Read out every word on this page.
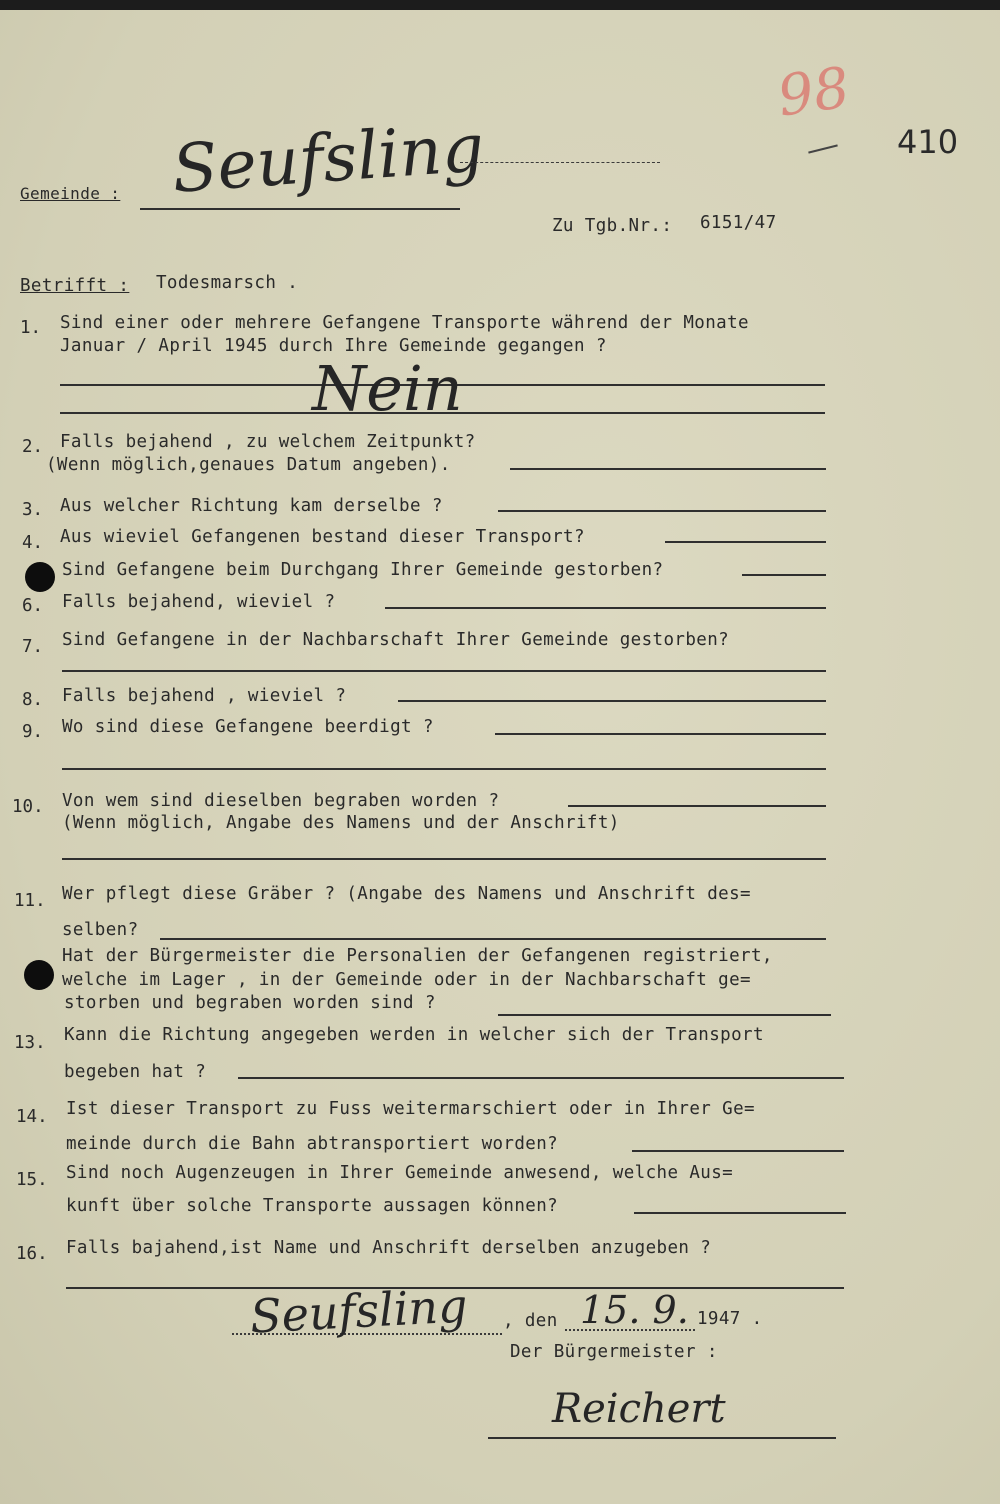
98
410
Gemeinde : Seufsling
Zu Tgb.Nr.: 6151/47
Betrifft : Todesmarsch .
1. Sind einer oder mehrere Gefangene Transporte während der Monate
Januar / April 1945 durch Ihre Gemeinde gegangen ?
Nein
2. Falls bejahend , zu welchem Zeitpunkt?
(Wenn möglich,genaues Datum angeben).
3. Aus welcher Richtung kam derselbe ?
4. Aus wieviel Gefangenen bestand dieser Transport?
Sind Gefangene beim Durchgang Ihrer Gemeinde gestorben?
6. Falls bejahend, wieviel ?
7. Sind Gefangene in der Nachbarschaft Ihrer Gemeinde gestorben?
8. Falls bejahend , wieviel ?
9. Wo sind diese Gefangene beerdigt ?
10. Von wem sind dieselben begraben worden ?
(Wenn möglich, Angabe des Namens und der Anschrift)
11. Wer pflegt diese Gräber ? (Angabe des Namens und Anschrift des=
selben?
Hat der Bürgermeister die Personalien der Gefangenen registriert,
welche im Lager , in der Gemeinde oder in der Nachbarschaft ge=
storben und begraben worden sind ?
13. Kann die Richtung angegeben werden in welcher sich der Transport
begeben hat ?
14. Ist dieser Transport zu Fuss weitermarschiert oder in Ihrer Ge=
meinde durch die Bahn abtransportiert worden?
15. Sind noch Augenzeugen in Ihrer Gemeinde anwesend, welche Aus=
kunft über solche Transporte aussagen können?
16. Falls bajahend,ist Name und Anschrift derselben anzugeben ?
Seufsling , den 15. 9. 1947 .
Der Bürgermeister :
Reichert
